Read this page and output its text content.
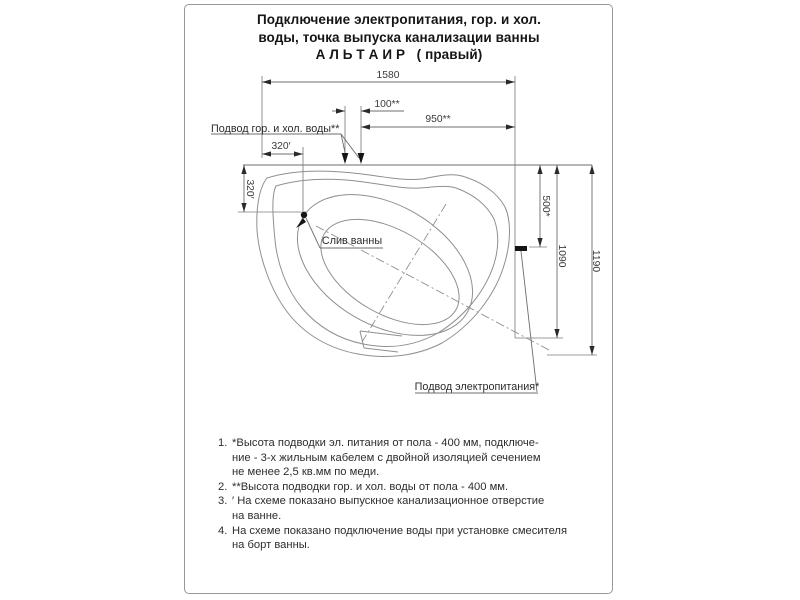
Подключение электропитания, гор. и хол.
воды, точка выпуска канализации ванны
А Л Ь Т А И Р   ( правый)
1580
100**
950**
320′
320′
500*
1090 1190
Подвод гор. и хол. воды**
Слив ванны
Подвод электропитания*
1. *Высота подводки эл. питания от пола - 400 мм, подключе-
ние - 3-х жильным кабелем с двойной изоляцией сечением
не менее 2,5 кв.мм по меди.
2. **Высота подводки гор. и хол. воды от пола - 400 мм.
3. ′ На схеме показано выпускное канализационное отверстие
на ванне.
4. На схеме показано подключение воды при установке смесителя
на борт ванны.
